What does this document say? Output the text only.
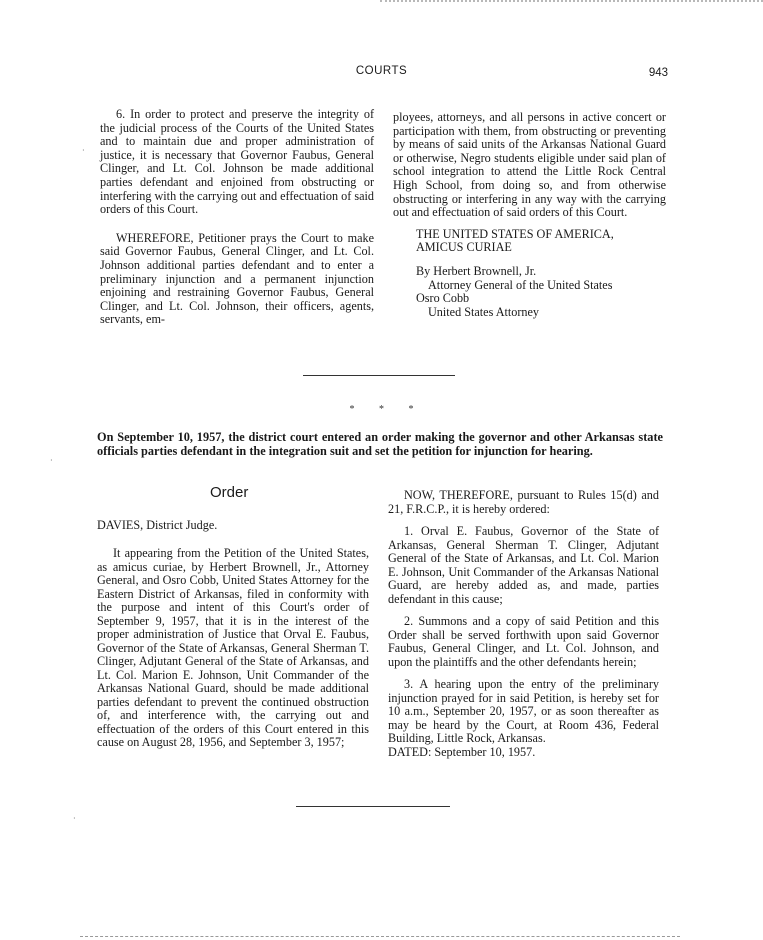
COURTS	943

6. In order to protect and preserve the integrity of the judicial process of the Courts of the United States and to maintain due and proper administration of justice, it is necessary that Governor Faubus, General Clinger, and Lt. Col. Johnson be made additional parties defendant and enjoined from obstructing or interfering with the carrying out and effectuation of said orders of this Court.

WHEREFORE, Petitioner prays the Court to make said Governor Faubus, General Clinger, and Lt. Col. Johnson additional parties defendant and to enter a preliminary injunction and a permanent injunction enjoining and restraining Governor Faubus, General Clinger, and Lt. Col. Johnson, their officers, agents, servants, em-

ployees, attorneys, and all persons in active concert or participation with them, from obstructing or preventing by means of said units of the Arkansas National Guard or otherwise, Negro students eligible under said plan of school integration to attend the Little Rock Central High School, from doing so, and from otherwise obstructing or interfering in any way with the carrying out and effectuation of said orders of this Court.

THE UNITED STATES OF AMERICA,
AMICUS CURIAE
By Herbert Brownell, Jr.
Attorney General of the United States
Osro Cobb
United States Attorney
* * *
On September 10, 1957, the district court entered an order making the governor and other Arkansas state officials parties defendant in the integration suit and set the petition for injunction for hearing.
Order
DAVIES, District Judge.

It appearing from the Petition of the United States, as amicus curiae, by Herbert Brownell, Jr., Attorney General, and Osro Cobb, United States Attorney for the Eastern District of Arkansas, filed in conformity with the purpose and intent of this Court's order of September 9, 1957, that it is in the interest of the proper administration of Justice that Orval E. Faubus, Governor of the State of Arkansas, General Sherman T. Clinger, Adjutant General of the State of Arkansas, and Lt. Col. Marion E. Johnson, Unit Commander of the Arkansas National Guard, should be made additional parties defendant to prevent the continued obstruction of, and interference with, the carrying out and effectuation of the orders of this Court entered in this cause on August 28, 1956, and September 3, 1957;

NOW, THEREFORE, pursuant to Rules 15(d) and 21, F.R.C.P., it is hereby ordered:

1. Orval E. Faubus, Governor of the State of Arkansas, General Sherman T. Clinger, Adjutant General of the State of Arkansas, and Lt. Col. Marion E. Johnson, Unit Commander of the Arkansas National Guard, are hereby added as, and made, parties defendant in this cause;

2. Summons and a copy of said Petition and this Order shall be served forthwith upon said Governor Faubus, General Clinger, and Lt. Col. Johnson, and upon the plaintiffs and the other defendants herein;

3. A hearing upon the entry of the preliminary injunction prayed for in said Petition, is hereby set for 10 a.m., September 20, 1957, or as soon thereafter as may be heard by the Court, at Room 436, Federal Building, Little Rock, Arkansas.

DATED: September 10, 1957.

·
·
·
